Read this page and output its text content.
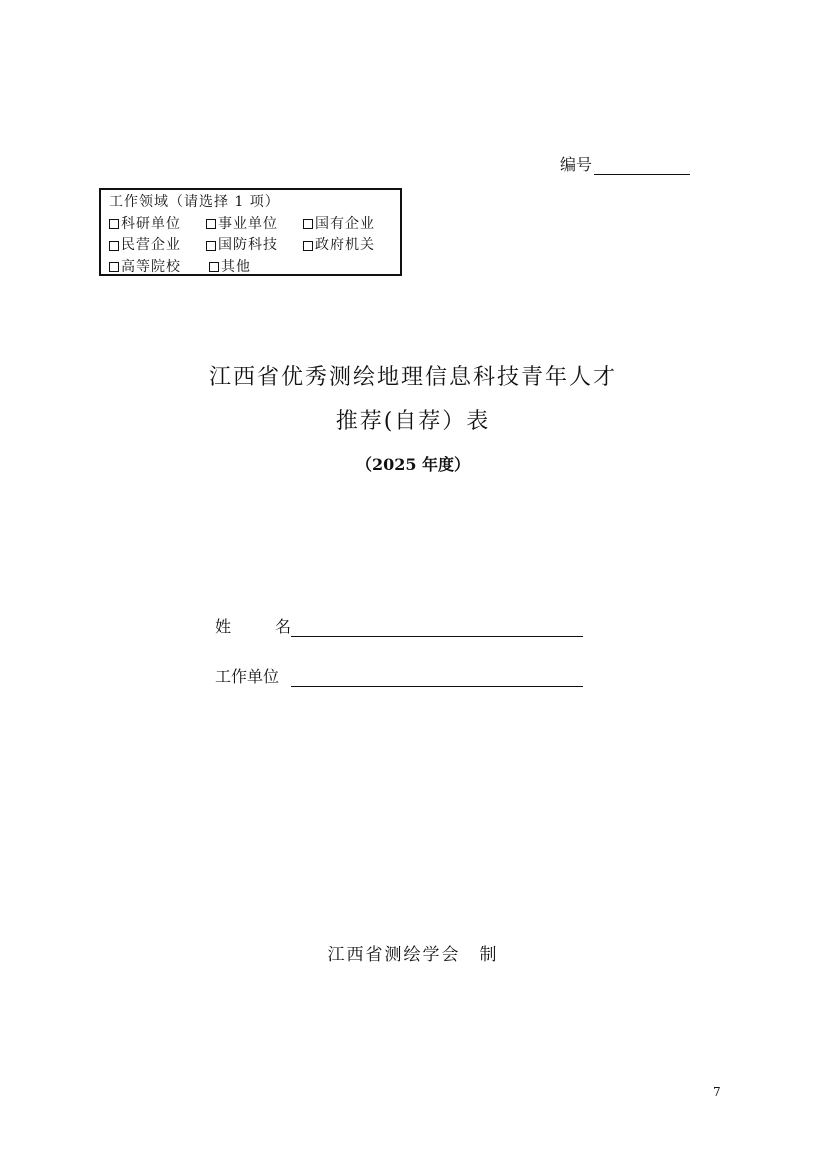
编号
工作领域（请选择 1 项）
科研单位	事业单位	国有企业
民营企业	国防科技	政府机关
高等院校	其他
江西省优秀测绘地理信息科技青年人才
推荐(自荐）表
（2025 年度）
姓	名
工作单位
江西省测绘学会　制
7
